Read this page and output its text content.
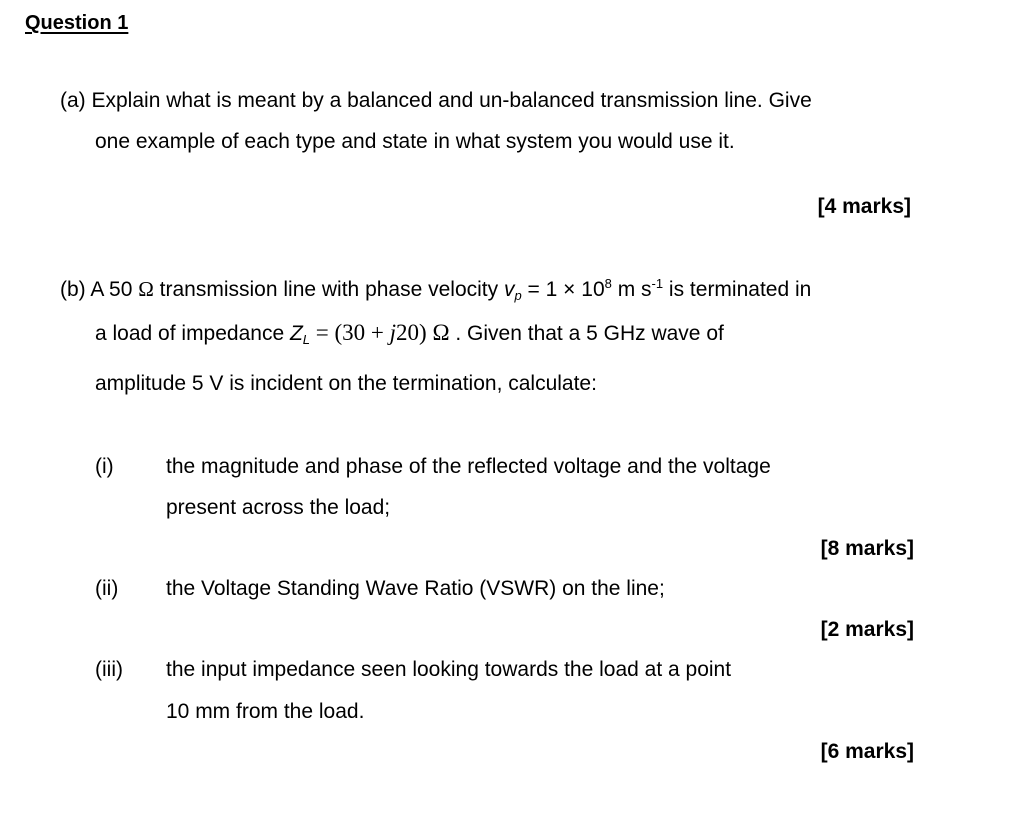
Question 1
(a) Explain what is meant by a balanced and un-balanced transmission line. Give
one example of each type and state in what system you would use it.
[4 marks]
(b) A 50 Ω transmission line with phase velocity $v_p = 1 \times 10^8$ m $s^{-1}$ is terminated in
a load of impedance $Z_L = (30 + j20)$ Ω . Given that a 5 GHz wave of
amplitude 5 V is incident on the termination, calculate:
(i) the magnitude and phase of the reflected voltage and the voltage
present across the load;
[8 marks]
(ii) the Voltage Standing Wave Ratio (VSWR) on the line;
[2 marks]
(iii) the input impedance seen looking towards the load at a point
10 mm from the load.
[6 marks]
